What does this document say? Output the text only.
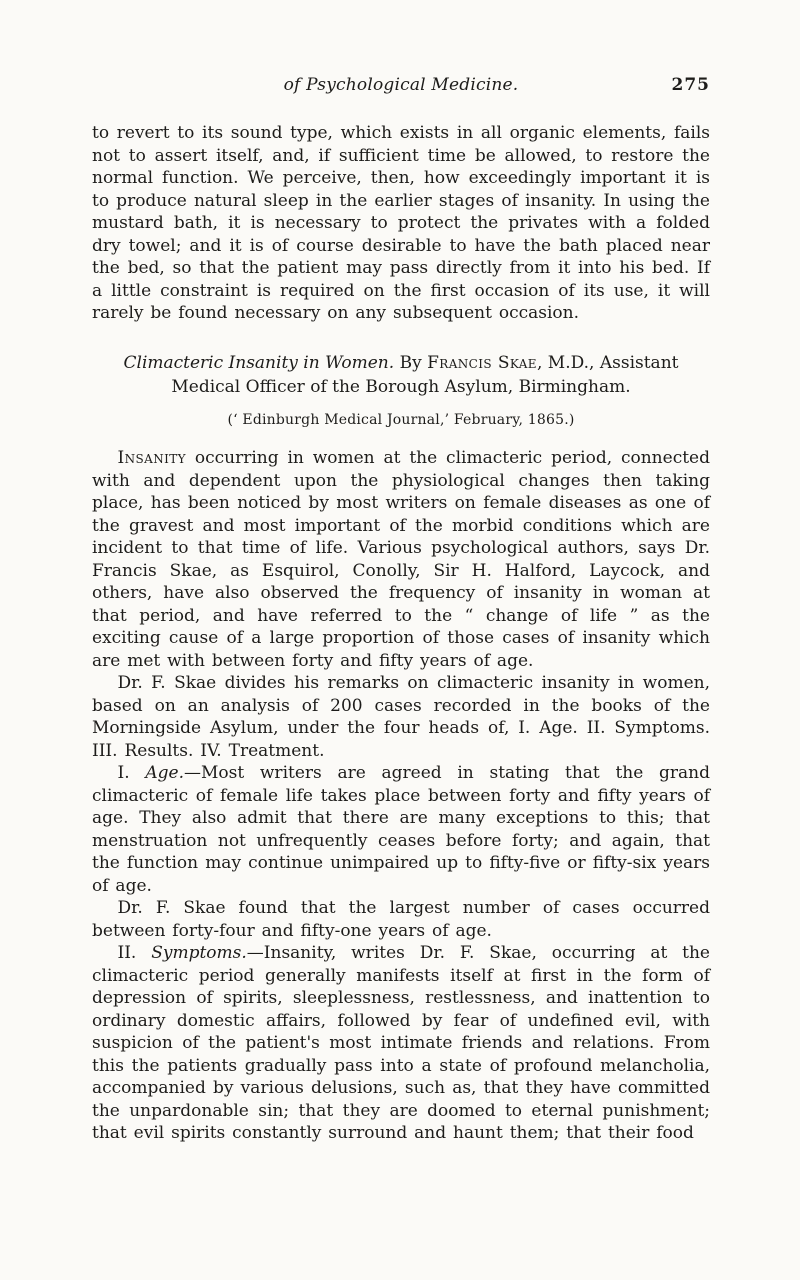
of Psychological Medicine.	275

to revert to its sound type, which exists in all organic elements, fails not to assert itself, and, if sufficient time be allowed, to restore the normal function. We perceive, then, how exceedingly important it is to produce natural sleep in the earlier stages of insanity. In using the mustard bath, it is necessary to protect the privates with a folded dry towel; and it is of course desirable to have the bath placed near the bed, so that the patient may pass directly from it into his bed. If a little constraint is required on the first occasion of its use, it will rarely be found necessary on any subsequent occasion.

Climacteric Insanity in Women. By Francis Skae, M.D., Assistant Medical Officer of the Borough Asylum, Birmingham.
(‘ Edinburgh Medical Journal,’ February, 1865.)

Insanity occurring in women at the climacteric period, connected with and dependent upon the physiological changes then taking place, has been noticed by most writers on female diseases as one of the gravest and most important of the morbid conditions which are incident to that time of life. Various psychological authors, says Dr. Francis Skae, as Esquirol, Conolly, Sir H. Halford, Laycock, and others, have also observed the frequency of insanity in woman at that period, and have referred to the “ change of life ” as the exciting cause of a large proportion of those cases of insanity which are met with between forty and fifty years of age.

Dr. F. Skae divides his remarks on climacteric insanity in women, based on an analysis of 200 cases recorded in the books of the Morningside Asylum, under the four heads of, I. Age. II. Symptoms. III. Results. IV. Treatment.

I. Age.—Most writers are agreed in stating that the grand climacteric of female life takes place between forty and fifty years of age. They also admit that there are many exceptions to this; that menstruation not unfrequently ceases before forty; and again, that the function may continue unimpaired up to fifty-five or fifty-six years of age.

Dr. F. Skae found that the largest number of cases occurred between forty-four and fifty-one years of age.

II. Symptoms.—Insanity, writes Dr. F. Skae, occurring at the climacteric period generally manifests itself at first in the form of depression of spirits, sleeplessness, restlessness, and inattention to ordinary domestic affairs, followed by fear of undefined evil, with suspicion of the patient's most intimate friends and relations. From this the patients gradually pass into a state of profound melancholia, accompanied by various delusions, such as, that they have committed the unpardonable sin; that they are doomed to eternal punishment; that evil spirits constantly surround and haunt them; that their food
